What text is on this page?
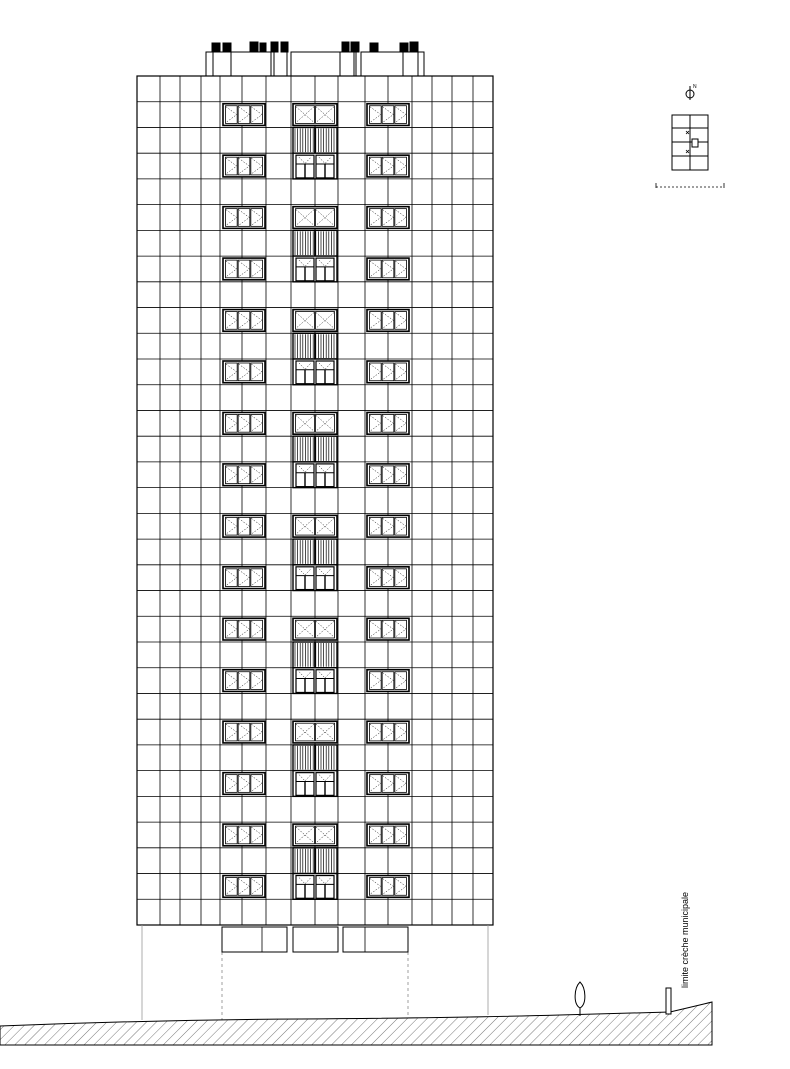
limite crèche municipale
N
